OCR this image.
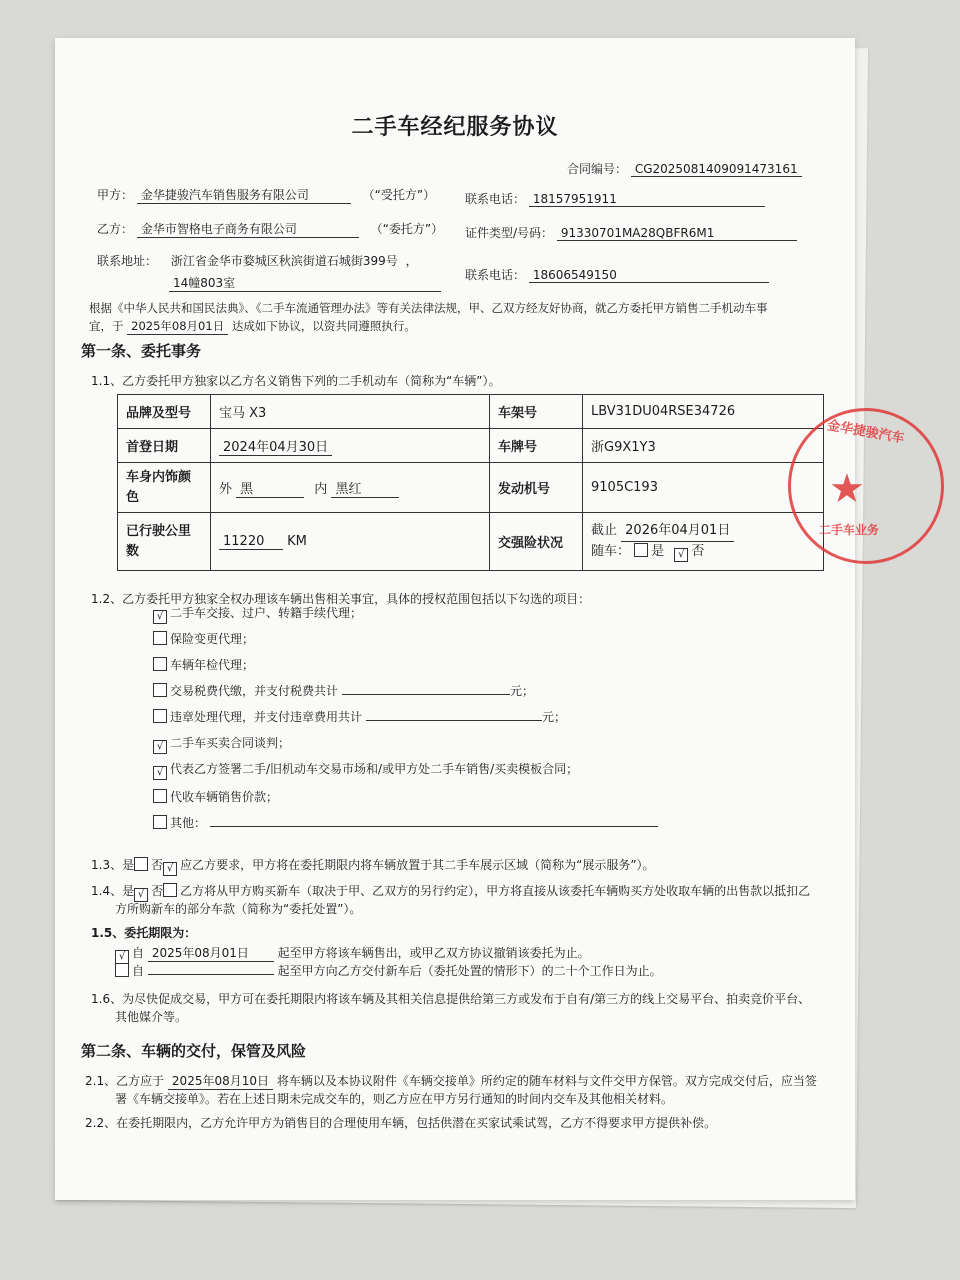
二手车经纪服务协议
合同编号： CG2025081409091473161
甲方： 金华捷骏汽车销售服务有限公司	（“受托方”） 联系电话： 18157951911
乙方： 金华市智格电子商务有限公司	（“委托方”） 证件类型/号码： 91330701MA28QBFR6M1
联系地址： 浙江省金华市婺城区秋滨街道石城街399号 ，
14幢803室
联系电话： 18606549150
根据《中华人民共和国民法典》、《二手车流通管理办法》等有关法律法规，甲、乙双方经友好协商，就乙方委托甲方销售二手机动车事
宜，于 2025年08月01日 达成如下协议，以资共同遵照执行。
第一条、委托事务
1.1、乙方委托甲方独家以乙方名义销售下列的二手机动车（简称为“车辆”）。
品牌及型号	宝马 X3	车架号	LBV31DU04RSE34726
首登日期	2024年04月30日	车牌号	浙G9X1Y3
车身内饰颜色	外 黑 内 黑红	发动机号	9105C193
已行驶公里数	11220 KM	交强险状况	截止 2026年04月01日
随车： 是 √ 否
1.2、乙方委托甲方独家全权办理该车辆出售相关事宜，具体的授权范围包括以下勾选的项目：
1.3、是 否 √ 应乙方要求，甲方将在委托期限内将车辆放置于其二手车展示区域（简称为“展示服务”）。
1.4、是 √ 否 乙方将从甲方购买新车（取决于甲、乙双方的另行约定），甲方将直接从该委托车辆购买方处收取车辆的出售款以抵扣乙
方所购新车的部分车款（简称为“委托处置”）。
1.5、委托期限为：
√ 自 2025年08月01日 起至甲方将该车辆售出，或甲乙双方协议撤销该委托为止。
自	起至甲方向乙方交付新车后（委托处置的情形下）的二十个工作日为止。
1.6、为尽快促成交易，甲方可在委托期限内将该车辆及其相关信息提供给第三方或发布于自有/第三方的线上交易平台、拍卖竞价平台、
其他媒介等。
第二条、车辆的交付，保管及风险
2.1、乙方应于 2025年08月10日 将车辆以及本协议附件《车辆交接单》所约定的随车材料与文件交甲方保管。双方完成交付后，应当签
署《车辆交接单》。若在上述日期未完成交车的，则乙方应在甲方另行通知的时间内交车及其他相关材料。
2.2、在委托期限内，乙方允许甲方为销售目的合理使用车辆，包括供潜在买家试乘试驾，乙方不得要求甲方提供补偿。
√ 二手车交接、过户、转籍手续代理；
保险变更代理；
车辆年检代理；
交易税费代缴，并支付税费共计	元；
违章处理代理，并支付违章费用共计	元；
√ 二手车买卖合同谈判；
√ 代表乙方签署二手/旧机动车交易市场和/或甲方处二手车销售/买卖模板合同；
代收车辆销售价款；
其他：
金华捷骏汽车
★
二手车业务
